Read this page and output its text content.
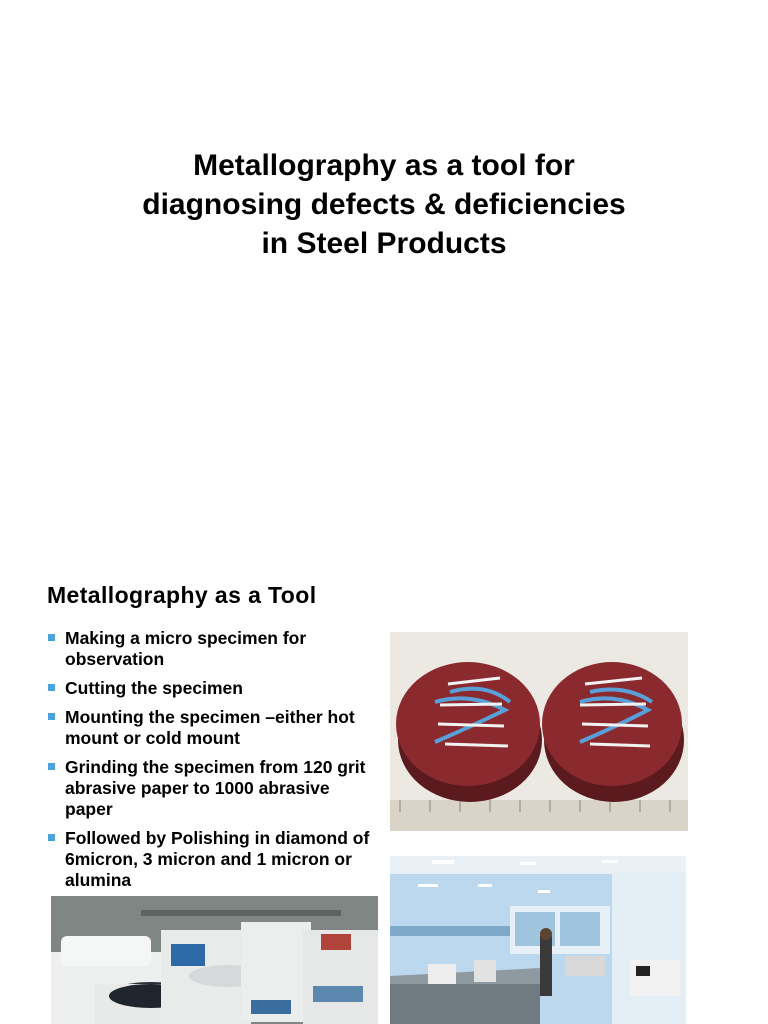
Metallography as a tool for
diagnosing defects & deficiencies
in Steel Products
Metallography as a Tool
Making a micro specimen for observation
Cutting the specimen
Mounting the specimen –either hot mount or cold mount
Grinding the specimen from 120 grit abrasive paper to 1000 abrasive paper
Followed by Polishing in diamond of 6micron, 3 micron and 1 micron or alumina
